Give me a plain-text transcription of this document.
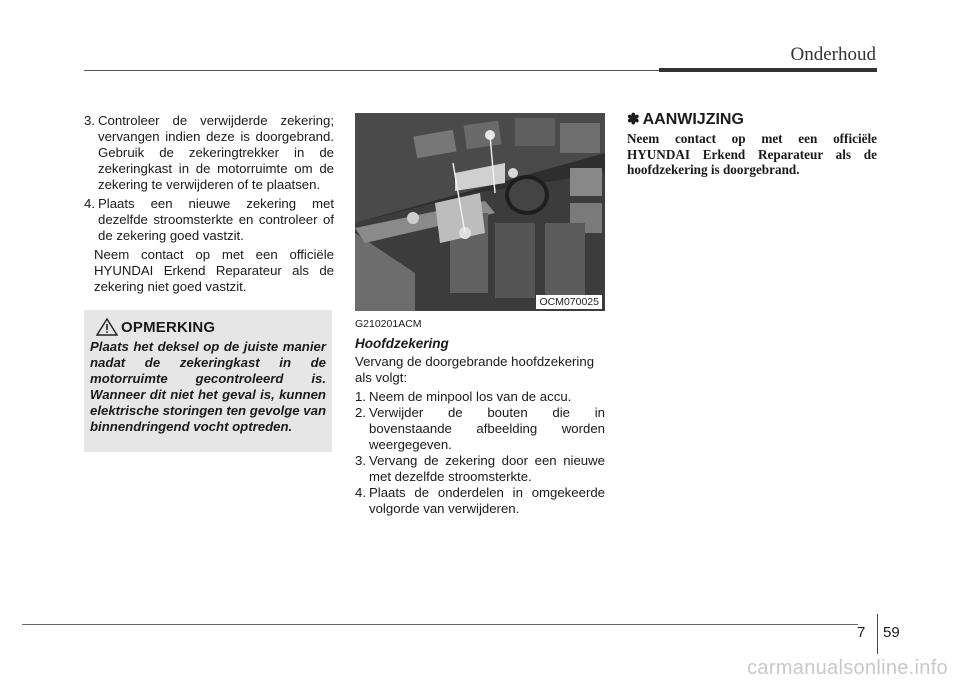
Onderhoud
3. Controleer de verwijderde zekering; vervangen indien deze is doorgebrand. Gebruik de zekeringtrekker in de zekeringkast in de motorruimte om de zekering te verwijderen of te plaatsen.
4. Plaats een nieuwe zekering met dezelfde stroomsterkte en controleer of de zekering goed vastzit.

Neem contact op met een officiële HYUNDAI Erkend Reparateur als de zekering niet goed vastzit.

OPMERKING
Plaats het deksel op de juiste manier nadat de zekeringkast in de motorruimte gecontroleerd is. Wanneer dit niet het geval is, kunnen elektrische storingen ten gevolge van binnendringend vocht optreden.
OCM070025

G210201ACM

Hoofdzekering

Vervang de doorgebrande hoofdzekering als volgt:

1. Neem de minpool los van de accu.
2. Verwijder de bouten die in bovenstaande afbeelding worden weergegeven.
3. Vervang de zekering door een nieuwe met dezelfde stroomsterkte.
4. Plaats de onderdelen in omgekeerde volgorde van verwijderen.
✽ AANWIJZING
Neem contact op met een officiële HYUNDAI Erkend Reparateur als de hoofdzekering is doorgebrand.
7 59
carmanualsonline.info
